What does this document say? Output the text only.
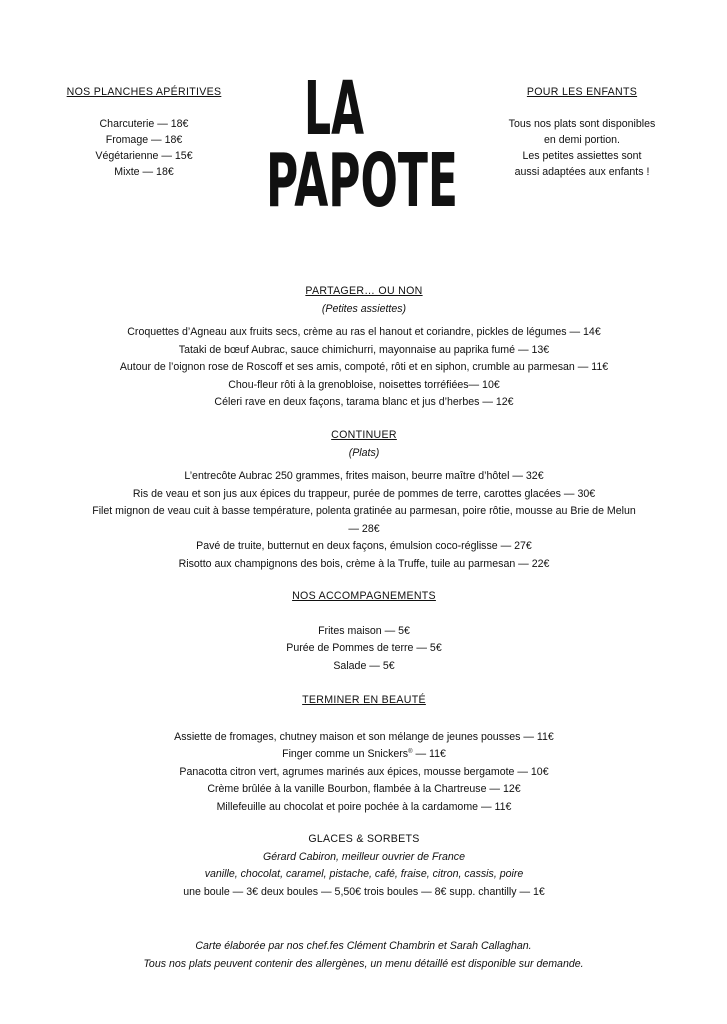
NOS PLANCHES APÉRITIVES
Charcuterie — 18€
Fromage — 18€
Végétarienne — 15€
Mixte — 18€
LA
PAPOTE
POUR LES ENFANTS
Tous nos plats sont disponibles
en demi portion.
Les petites assiettes sont
aussi adaptées aux enfants !
PARTAGER… OU NON
(Petites assiettes)
Croquettes d’Agneau aux fruits secs, crème au ras el hanout et coriandre, pickles de légumes — 14€
Tataki de bœuf Aubrac, sauce chimichurri, mayonnaise au paprika fumé — 13€
Autour de l’oignon rose de Roscoff et ses amis, compoté, rôti et en siphon, crumble au parmesan — 11€
Chou-fleur rôti à la grenobloise, noisettes torréfiées— 10€
Céleri rave en deux façons, tarama blanc et jus d’herbes — 12€
CONTINUER
(Plats)
L’entrecôte Aubrac 250 grammes, frites maison, beurre maître d’hôtel — 32€
Ris de veau et son jus aux épices du trappeur, purée de pommes de terre, carottes glacées — 30€
Filet mignon de veau cuit à basse température, polenta gratinée au parmesan, poire rôtie, mousse au Brie de Melun — 28€
Pavé de truite, butternut en deux façons, émulsion coco-réglisse — 27€
Risotto aux champignons des bois, crème à la Truffe, tuile au parmesan — 22€
NOS ACCOMPAGNEMENTS
Frites maison — 5€
Purée de Pommes de terre — 5€
Salade — 5€
TERMINER EN BEAUTÉ
Assiette de fromages, chutney maison et son mélange de jeunes pousses — 11€
Finger comme un Snickers® — 11€
Panacotta citron vert, agrumes marinés aux épices, mousse bergamote — 10€
Crème brûlée à la vanille Bourbon, flambée à la Chartreuse — 12€
Millefeuille au chocolat et poire pochée à la cardamome — 11€
GLACES & SORBETS
Gérard Cabiron, meilleur ouvrier de France
vanille, chocolat, caramel, pistache, café, fraise, citron, cassis, poire
une boule — 3€ deux boules — 5,50€ trois boules — 8€ supp. chantilly — 1€
Carte élaborée par nos chef.fes Clément Chambrin et Sarah Callaghan.
Tous nos plats peuvent contenir des allergènes, un menu détaillé est disponible sur demande.
